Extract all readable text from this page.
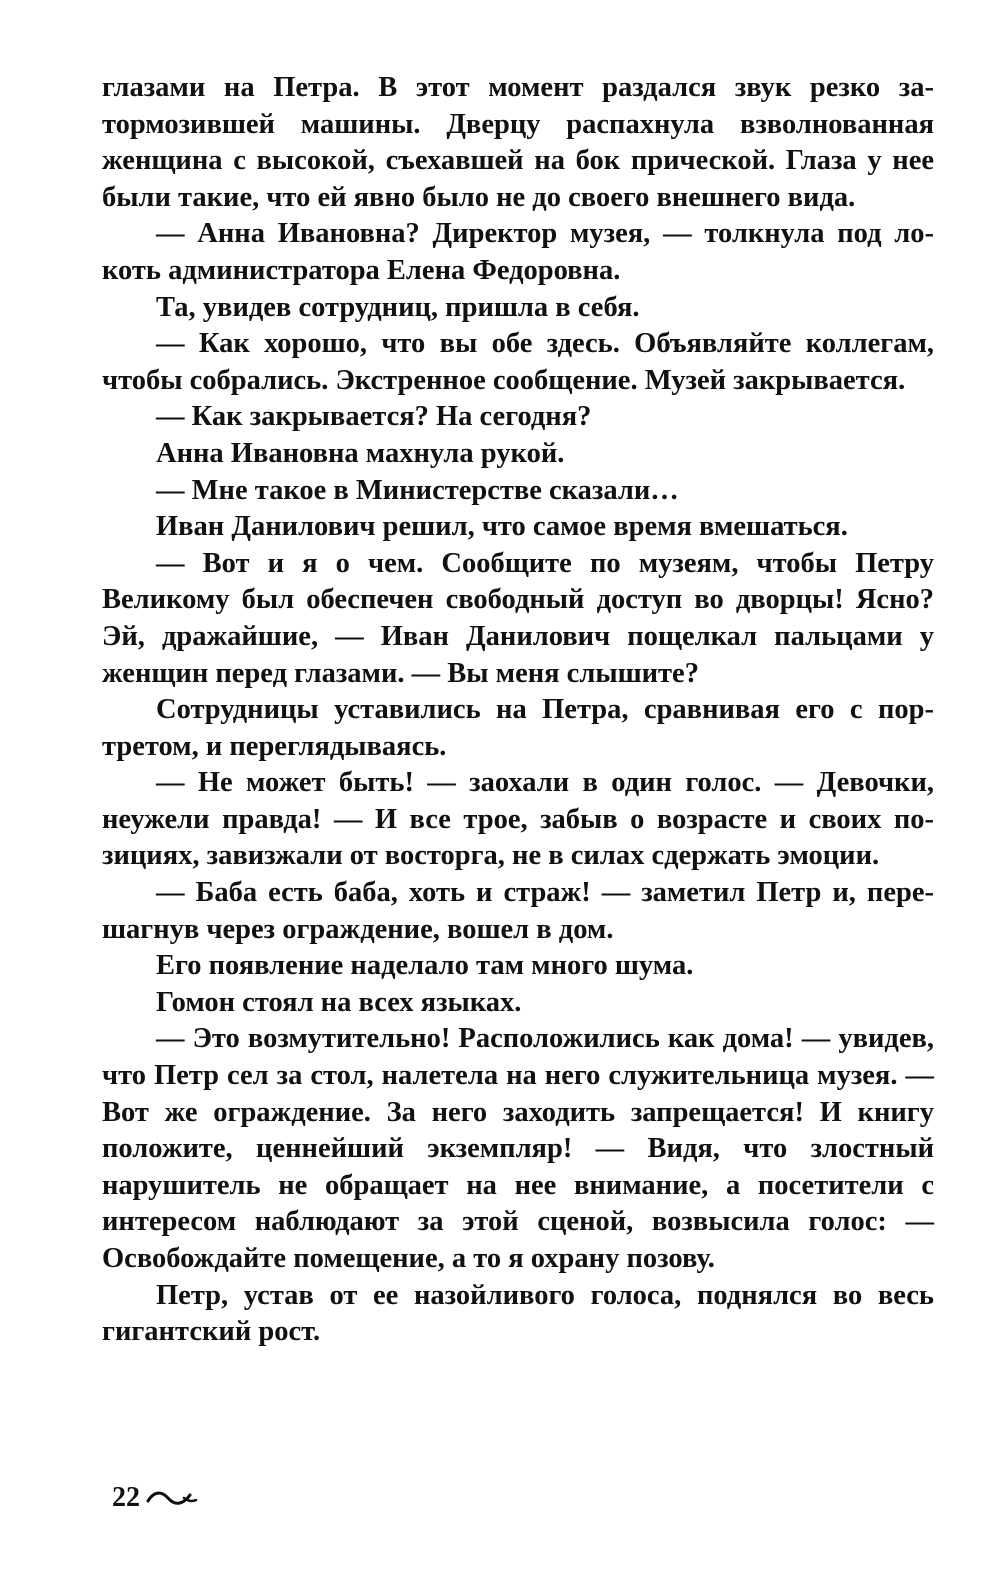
глазами на Петра. В этот момент раздался звук резко затормозившей машины. Дверцу распахнула взволнованная женщина с высокой, съехавшей на бок прической. Глаза у нее были такие, что ей явно было не до своего внешнего вида.

— Анна Ивановна? Директор музея, — толкнула под локоть администратора Елена Федоровна.

Та, увидев сотрудниц, пришла в себя.

— Как хорошо, что вы обе здесь. Объявляйте коллегам, чтобы собрались. Экстренное сообщение. Музей закрывается.

— Как закрывается? На сегодня?

Анна Ивановна махнула рукой.

— Мне такое в Министерстве сказали…

Иван Данилович решил, что самое время вмешаться.

— Вот и я о чем. Сообщите по музеям, чтобы Петру Великому был обеспечен свободный доступ во дворцы! Ясно? Эй, дражайшие, — Иван Данилович пощелкал пальцами у женщин перед глазами. — Вы меня слышите?

Сотрудницы уставились на Петра, сравнивая его с портретом, и переглядываясь.

— Не может быть! — заохали в один голос. — Девочки, неужели правда! — И все трое, забыв о возрасте и своих позициях, завизжали от восторга, не в силах сдержать эмоции.

— Баба есть баба, хоть и страж! — заметил Петр и, перешагнув через ограждение, вошел в дом.

Его появление наделало там много шума.

Гомон стоял на всех языках.

— Это возмутительно! Расположились как дома! — увидев, что Петр сел за стол, налетела на него служительница музея. — Вот же ограждение. За него заходить запрещается! И книгу положите, ценнейший экземпляр! — Видя, что злостный нарушитель не обращает на нее внимание, а посетители с интересом наблюдают за этой сценой, возвысила голос: — Освобождайте помещение, а то я охрану позову.

Петр, устав от ее назойливого голоса, поднялся во весь гигантский рост.

22
